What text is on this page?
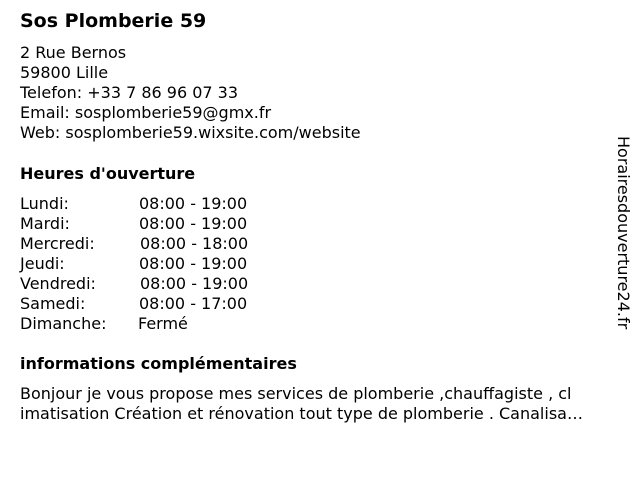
Sos Plomberie 59
2 Rue Bernos
59800 Lille
Telefon: +33 7 86 96 07 33
Email: sosplomberie59@gmx.fr
Web: sosplomberie59.wixsite.com/website
Heures d'ouverture
Lundi:	08:00 - 19:00
Mardi:	08:00 - 19:00
Mercredi:	08:00 - 18:00
Jeudi:	08:00 - 19:00
Vendredi:	08:00 - 19:00
Samedi:	08:00 - 17:00
Dimanche: Fermé
informations complémentaires
Bonjour je vous propose mes services de plomberie ,chauffagiste , cl
imatisation Création et rénovation tout type de plomberie . Canalisa…
Horairesdouverture24.fr
